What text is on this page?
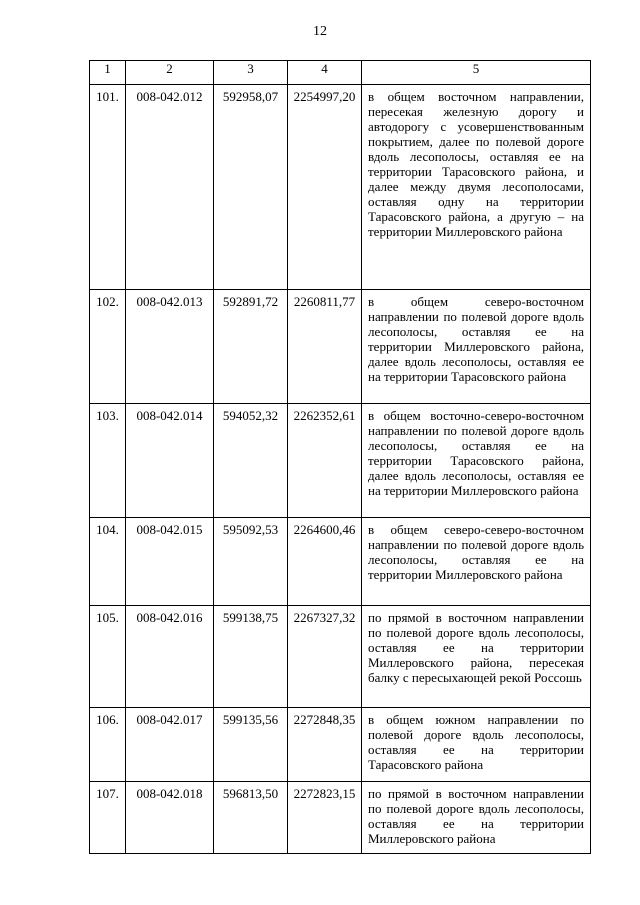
12
1	2	3	4	5
101.	008-042.012	592958,07	2254997,20	в общем восточном направлении, пересекая железную дорогу и автодорогу с усовершенствованным покрытием, далее по полевой дороге вдоль лесополосы, оставляя ее на территории Тарасовского района, и далее между двумя лесополосами, оставляя одну на территории Тарасовского района, а другую – на территории Миллеровского района
102.	008-042.013	592891,72	2260811,77	в общем северо-восточном направлении по полевой дороге вдоль лесополосы, оставляя ее на территории Миллеровского района, далее вдоль лесополосы, оставляя ее на территории Тарасовского района
103.	008-042.014	594052,32	2262352,61	в общем восточно-северо-восточном направлении по полевой дороге вдоль лесополосы, оставляя ее на территории Тарасовского района, далее вдоль лесополосы, оставляя ее на территории Миллеровского района
104.	008-042.015	595092,53	2264600,46	в общем северо-северо-восточном направлении по полевой дороге вдоль лесополосы, оставляя ее на территории Миллеровского района
105.	008-042.016	599138,75	2267327,32	по прямой в восточном направлении по полевой дороге вдоль лесополосы, оставляя ее на территории Миллеровского района, пересекая балку с пересыхающей рекой Россошь
106.	008-042.017	599135,56	2272848,35	в общем южном направлении по полевой дороге вдоль лесополосы, оставляя ее на территории Тарасовского района
107.	008-042.018	596813,50	2272823,15	по прямой в восточном направлении по полевой дороге вдоль лесополосы, оставляя ее на территории Миллеровского района
